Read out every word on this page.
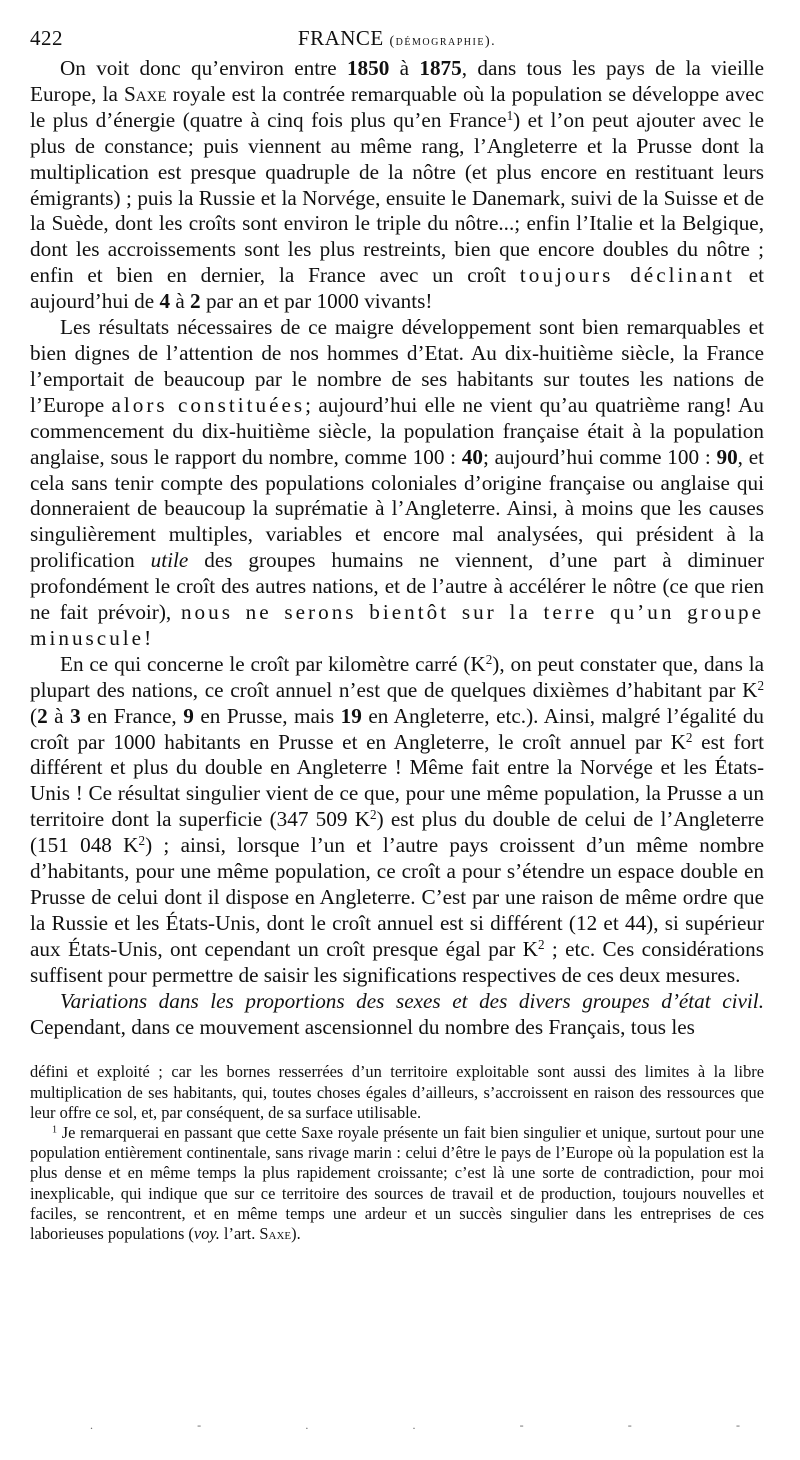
422	FRANCE (démographie).

On voit donc qu’environ entre 1850 à 1875, dans tous les pays de la vieille Europe, la Saxe royale est la contrée remarquable où la population se développe avec le plus d’énergie (quatre à cinq fois plus qu’en France$^1$) et l’on peut ajouter avec le plus de constance; puis viennent au même rang, l’Angleterre et la Prusse dont la multiplication est presque quadruple de la nôtre (et plus encore en restituant leurs émigrants) ; puis la Russie et la Norvége, ensuite le Danemark, suivi de la Suisse et de la Suède, dont les croîts sont environ le triple du nôtre...; enfin l’Italie et la Belgique, dont les accroissements sont les plus restreints, bien que encore doubles du nôtre ; enfin et bien en dernier, la France avec un croît toujours déclinant et aujourd’hui de 4 à 2 par an et par 1000 vivants!

Les résultats nécessaires de ce maigre développement sont bien remarquables et bien dignes de l’attention de nos hommes d’Etat. Au dix-huitième siècle, la France l’emportait de beaucoup par le nombre de ses habitants sur toutes les nations de l’Europe alors constituées; aujourd’hui elle ne vient qu’au quatrième rang! Au commencement du dix-huitième siècle, la population française était à la population anglaise, sous le rapport du nombre, comme 100 : 40; aujourd’hui comme 100 : 90, et cela sans tenir compte des populations coloniales d’origine française ou anglaise qui donneraient de beaucoup la suprématie à l’Angleterre. Ainsi, à moins que les causes singulièrement multiples, variables et encore mal analysées, qui président à la prolification utile des groupes humains ne viennent, d’une part à diminuer profondément le croît des autres nations, et de l’autre à accélérer le nôtre (ce que rien ne fait prévoir), nous ne serons bientôt sur la terre qu’un groupe minuscule!

En ce qui concerne le croît par kilomètre carré $(K^2)$, on peut constater que, dans la plupart des nations, ce croît annuel n’est que de quelques dixièmes d’habitant par $K^2$ (2 à 3 en France, 9 en Prusse, mais 19 en Angleterre, etc.). Ainsi, malgré l’égalité du croît par 1000 habitants en Prusse et en Angleterre, le croît annuel par $K^2$ est fort différent et plus du double en Angleterre ! Même fait entre la Norvége et les États-Unis ! Ce résultat singulier vient de ce que, pour une même population, la Prusse a un territoire dont la superficie (347 509 $K^2$) est plus du double de celui de l’Angleterre (151 048 $K^2$) ; ainsi, lorsque l’un et l’autre pays croissent d’un même nombre d’habitants, pour une même population, ce croît a pour s’étendre un espace double en Prusse de celui dont il dispose en Angleterre. C’est par une raison de même ordre que la Russie et les États-Unis, dont le croît annuel est si différent (12 et 44), si supérieur aux États-Unis, ont cependant un croît presque égal par $K^2$ ; etc. Ces considérations suffisent pour permettre de saisir les significations respectives de ces deux mesures.

Variations dans les proportions des sexes et des divers groupes d’état civil. Cependant, dans ce mouvement ascensionnel du nombre des Français, tous les

défini et exploité ; car les bornes resserrées d’un territoire exploitable sont aussi des limites à la libre multiplication de ses habitants, qui, toutes choses égales d’ailleurs, s’accroissent en raison des ressources que leur offre ce sol, et, par conséquent, de sa surface utilisable.

$^1$ Je remarquerai en passant que cette Saxe royale présente un fait bien singulier et unique, surtout pour une population entièrement continentale, sans rivage marin : celui d’être le pays de l’Europe où la population est la plus dense et en même temps la plus rapidement croissante; c’est là une sorte de contradiction, pour moi inexplicable, qui indique que sur ce territoire des sources de travail et de production, toujours nouvelles et faciles, se rencontrent, et en même temps une ardeur et un succès singulier dans les entreprises de ces laborieuses populations (voy. l’art. Saxe).

.	-	.	.	-	-	-
